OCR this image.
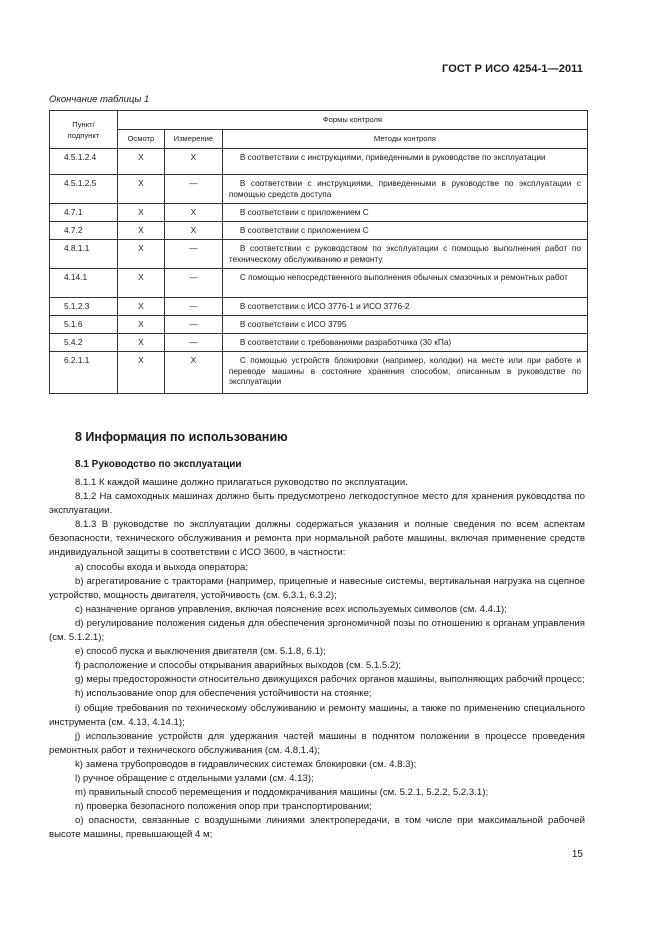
ГОСТ Р ИСО 4254-1—2011
Окончание таблицы 1
Пункт/ подпункт	Формы контроля		
	Осмотр	Измерение	Методы контроля
4.5.1.2.4	X	X	В соответствии с инструкциями, приведенными в руководстве по эксплуатации
4.5.1.2.5	X	—	В соответствии с инструкциями, приведенными в руководстве по эксплуатации с помощью средств доступа
4.7.1	X	X	В соответствии с приложением С
4.7.2	X	X	В соответствии с приложением С
4.8.1.1	X	—	В соответствии с руководством по эксплуатации с помощью выполнения работ по техническому обслуживанию и ремонту
4.14.1	X	—	С помощью непосредственного выполнения обычных смазочных и ремонтных работ
5.1.2.3	X	—	В соответствии с ИСО 3776-1 и ИСО 3776-2
5.1.6	X	—	В соответствии с ИСО 3795
5.4.2	X	—	В соответствии с требованиями разработчика (30 кПа)
6.2.1.1	X	X	С помощью устройств блокировки (например, колодки) на месте или при работе и переводе машины в состояние хранения способом, описанным в руководстве по эксплуатации
8 Информация по использованию
8.1 Руководство по эксплуатации

8.1.1 К каждой машине должно прилагаться руководство по эксплуатации.

8.1.2 На самоходных машинах должно быть предусмотрено легкодоступное место для хранения руководства по эксплуатации.

8.1.3 В руководстве по эксплуатации должны содержаться указания и полные сведения по всем аспектам безопасности, технического обслуживания и ремонта при нормальной работе машины, включая применение средств индивидуальной защиты в соответствии с ИСО 3600, в частности:

а) способы входа и выхода оператора;

b) агрегатирование с тракторами (например, прицепные и навесные системы, вертикальная нагрузка на сцепное устройство, мощность двигателя, устойчивость (см. 6.3.1, 6.3.2);

c) назначение органов управления, включая пояснение всех используемых символов (см. 4.4.1);

d) регулирование положения сиденья для обеспечения эргономичной позы по отношению к органам управления (см. 5.1.2.1);

e) способ пуска и выключения двигателя (см. 5.1.8, 6.1);

f) расположение и способы открывания аварийных выходов (см. 5.1.5.2);

g) меры предосторожности относительно движущихся рабочих органов машины, выполняющих рабочий процесс;

h) использование опор для обеспечения устойчивости на стоянке;

i) общие требования по техническому обслуживанию и ремонту машины, а также по применению специального инструмента (см. 4.13, 4.14.1);

j) использование устройств для удержания частей машины в поднятом положении в процессе проведения ремонтных работ и технического обслуживания (см. 4.8.1.4);

k) замена трубопроводов в гидравлических системах блокировки (см. 4.8.3);

l) ручное обращение с отдельными узлами (см. 4.13);

m) правильный способ перемещения и поддомкрачивания машины (см. 5.2.1, 5.2.2, 5.2.3.1);

n) проверка безопасного положения опор при транспортировании;

o) опасности, связанные с воздушными линиями электропередачи, в том числе при максимальной рабочей высоте машины, превышающей 4 м;

15
